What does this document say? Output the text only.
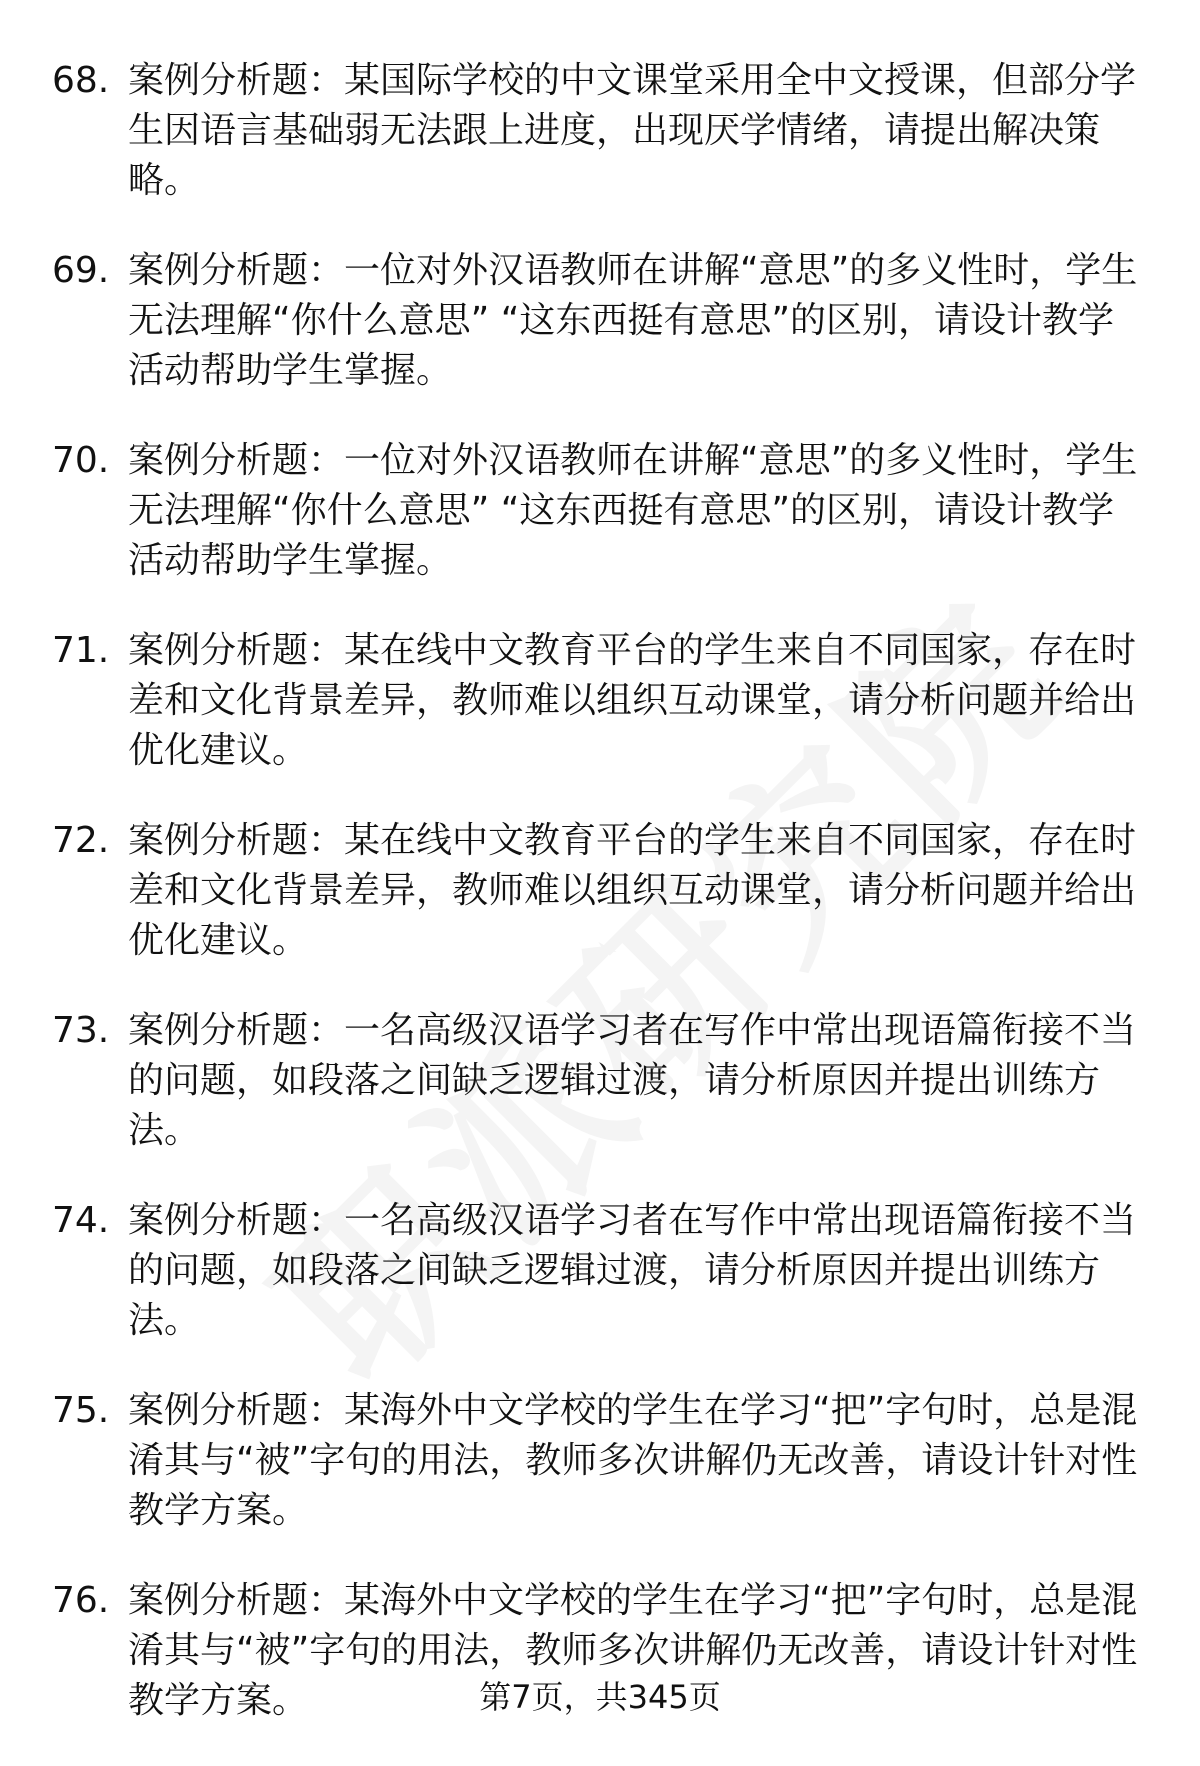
68. 案例分析题：某国际学校的中文课堂采用全中文授课，但部分学生因语言基础弱无法跟上进度，出现厌学情绪，请提出解决策略。
69. 案例分析题：一位对外汉语教师在讲解“意思”的多义性时，学生无法理解“你什么意思” “这东西挺有意思”的区别，请设计教学活动帮助学生掌握。
70. 案例分析题：一位对外汉语教师在讲解“意思”的多义性时，学生无法理解“你什么意思” “这东西挺有意思”的区别，请设计教学活动帮助学生掌握。
71. 案例分析题：某在线中文教育平台的学生来自不同国家，存在时差和文化背景差异，教师难以组织互动课堂，请分析问题并给出优化建议。
72. 案例分析题：某在线中文教育平台的学生来自不同国家，存在时差和文化背景差异，教师难以组织互动课堂，请分析问题并给出优化建议。
73. 案例分析题：一名高级汉语学习者在写作中常出现语篇衔接不当的问题，如段落之间缺乏逻辑过渡，请分析原因并提出训练方法。
74. 案例分析题：一名高级汉语学习者在写作中常出现语篇衔接不当的问题，如段落之间缺乏逻辑过渡，请分析原因并提出训练方法。
75. 案例分析题：某海外中文学校的学生在学习“把”字句时，总是混淆其与“被”字句的用法，教师多次讲解仍无改善，请设计针对性教学方案。
76. 案例分析题：某海外中文学校的学生在学习“把”字句时，总是混淆其与“被”字句的用法，教师多次讲解仍无改善，请设计针对性教学方案。	第7页，共345页
